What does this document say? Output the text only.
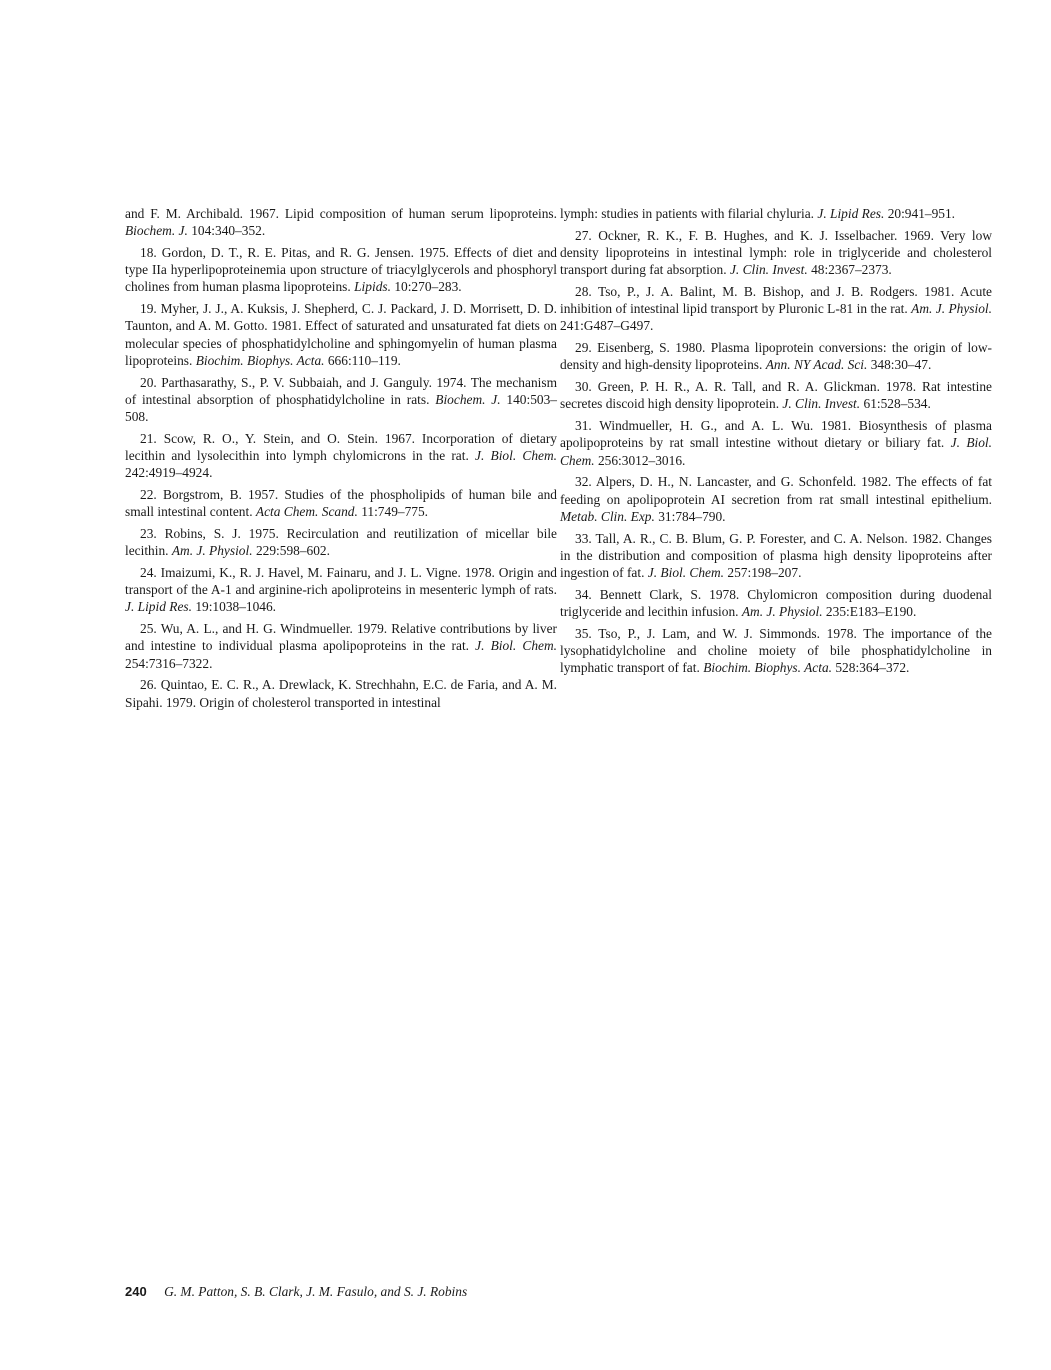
and F. M. Archibald. 1967. Lipid composition of human serum lipoproteins. Biochem. J. 104:340–352.

18. Gordon, D. T., R. E. Pitas, and R. G. Jensen. 1975. Effects of diet and type IIa hyperlipoproteinemia upon structure of triacylglycerols and phosphoryl cholines from human plasma lipoproteins. Lipids. 10:270–283.

19. Myher, J. J., A. Kuksis, J. Shepherd, C. J. Packard, J. D. Morrisett, D. D. Taunton, and A. M. Gotto. 1981. Effect of saturated and unsaturated fat diets on molecular species of phosphatidylcholine and sphingomyelin of human plasma lipoproteins. Biochim. Biophys. Acta. 666:110–119.

20. Parthasarathy, S., P. V. Subbaiah, and J. Ganguly. 1974. The mechanism of intestinal absorption of phosphatidylcholine in rats. Biochem. J. 140:503–508.

21. Scow, R. O., Y. Stein, and O. Stein. 1967. Incorporation of dietary lecithin and lysolecithin into lymph chylomicrons in the rat. J. Biol. Chem. 242:4919–4924.

22. Borgstrom, B. 1957. Studies of the phospholipids of human bile and small intestinal content. Acta Chem. Scand. 11:749–775.

23. Robins, S. J. 1975. Recirculation and reutilization of micellar bile lecithin. Am. J. Physiol. 229:598–602.

24. Imaizumi, K., R. J. Havel, M. Fainaru, and J. L. Vigne. 1978. Origin and transport of the A-1 and arginine-rich apoliproteins in mesenteric lymph of rats. J. Lipid Res. 19:1038–1046.

25. Wu, A. L., and H. G. Windmueller. 1979. Relative contributions by liver and intestine to individual plasma apolipoproteins in the rat. J. Biol. Chem. 254:7316–7322.

26. Quintao, E. C. R., A. Drewlack, K. Strechhahn, E.C. de Faria, and A. M. Sipahi. 1979. Origin of cholesterol transported in intestinal

lymph: studies in patients with filarial chyluria. J. Lipid Res. 20:941–951.

27. Ockner, R. K., F. B. Hughes, and K. J. Isselbacher. 1969. Very low density lipoproteins in intestinal lymph: role in triglyceride and cholesterol transport during fat absorption. J. Clin. Invest. 48:2367–2373.

28. Tso, P., J. A. Balint, M. B. Bishop, and J. B. Rodgers. 1981. Acute inhibition of intestinal lipid transport by Pluronic L-81 in the rat. Am. J. Physiol. 241:G487–G497.

29. Eisenberg, S. 1980. Plasma lipoprotein conversions: the origin of low-density and high-density lipoproteins. Ann. NY Acad. Sci. 348:30–47.

30. Green, P. H. R., A. R. Tall, and R. A. Glickman. 1978. Rat intestine secretes discoid high density lipoprotein. J. Clin. Invest. 61:528–534.

31. Windmueller, H. G., and A. L. Wu. 1981. Biosynthesis of plasma apolipoproteins by rat small intestine without dietary or biliary fat. J. Biol. Chem. 256:3012–3016.

32. Alpers, D. H., N. Lancaster, and G. Schonfeld. 1982. The effects of fat feeding on apolipoprotein AI secretion from rat small intestinal epithelium. Metab. Clin. Exp. 31:784–790.

33. Tall, A. R., C. B. Blum, G. P. Forester, and C. A. Nelson. 1982. Changes in the distribution and composition of plasma high density lipoproteins after ingestion of fat. J. Biol. Chem. 257:198–207.

34. Bennett Clark, S. 1978. Chylomicron composition during duodenal triglyceride and lecithin infusion. Am. J. Physiol. 235:E183–E190.

35. Tso, P., J. Lam, and W. J. Simmonds. 1978. The importance of the lysophatidylcholine and choline moiety of bile phosphatidylcholine in lymphatic transport of fat. Biochim. Biophys. Acta. 528:364–372.

240 G. M. Patton, S. B. Clark, J. M. Fasulo, and S. J. Robins
